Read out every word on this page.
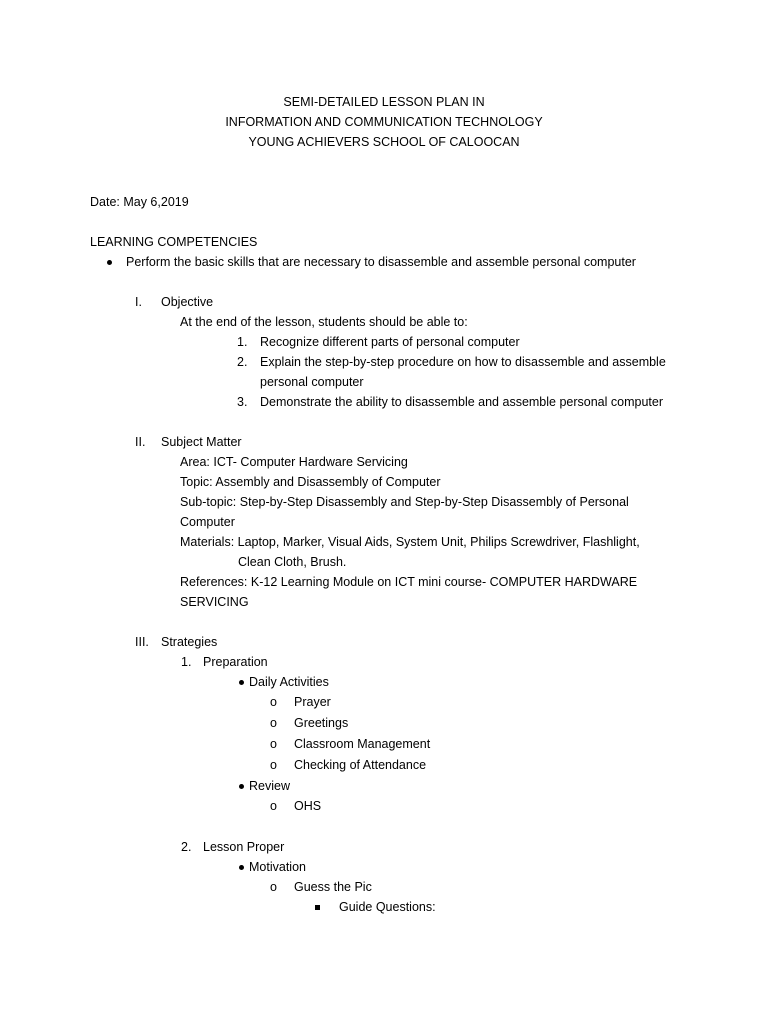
SEMI-DETAILED LESSON PLAN IN
INFORMATION AND COMMUNICATION TECHNOLOGY
YOUNG ACHIEVERS SCHOOL OF CALOOCAN
Date: May 6,2019
LEARNING COMPETENCIES
Perform the basic skills that are necessary to disassemble and assemble personal computer
I. Objective
At the end of the lesson, students should be able to:
1. Recognize different parts of personal computer
2. Explain the step-by-step procedure on how to disassemble and assemble
personal computer
3. Demonstrate the ability to disassemble and assemble personal computer
II. Subject Matter
Area: ICT- Computer Hardware Servicing
Topic: Assembly and Disassembly of Computer
Sub-topic: Step-by-Step Disassembly and Step-by-Step Disassembly of Personal
Computer
Materials: Laptop, Marker, Visual Aids, System Unit, Philips Screwdriver, Flashlight,
Clean Cloth, Brush.
References: K-12 Learning Module on ICT mini course- COMPUTER HARDWARE
SERVICING
III. Strategies
1. Preparation
Daily Activities
o Prayer
o Greetings
o Classroom Management
o Checking of Attendance
Review
o OHS
2. Lesson Proper
Motivation
o Guess the Pic
Guide Questions:
